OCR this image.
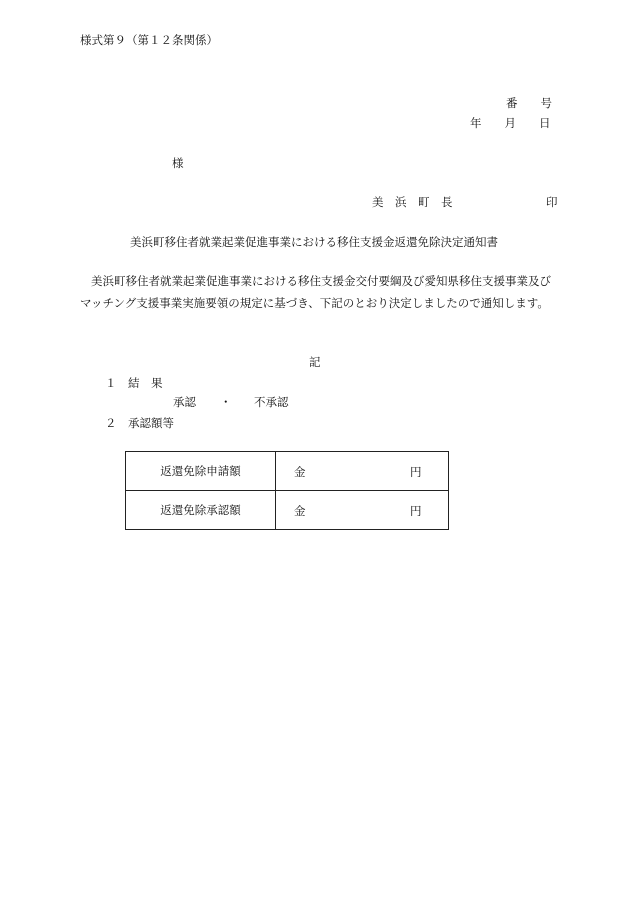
様式第９（第１２条関係）
番　　号
年　　月　　日
様
美　浜　町　長	印
美浜町移住者就業起業促進事業における移住支援金返還免除決定通知書
美浜町移住者就業起業促進事業における移住支援金交付要綱及び愛知県移住支援事業及びマッチング支援事業実施要領の規定に基づき、下記のとおり決定しましたので通知します。
記
１　結　果
承認 ・ 不承認
２　承認額等
返還免除申請額	金 円

返還免除承認額	金 円
